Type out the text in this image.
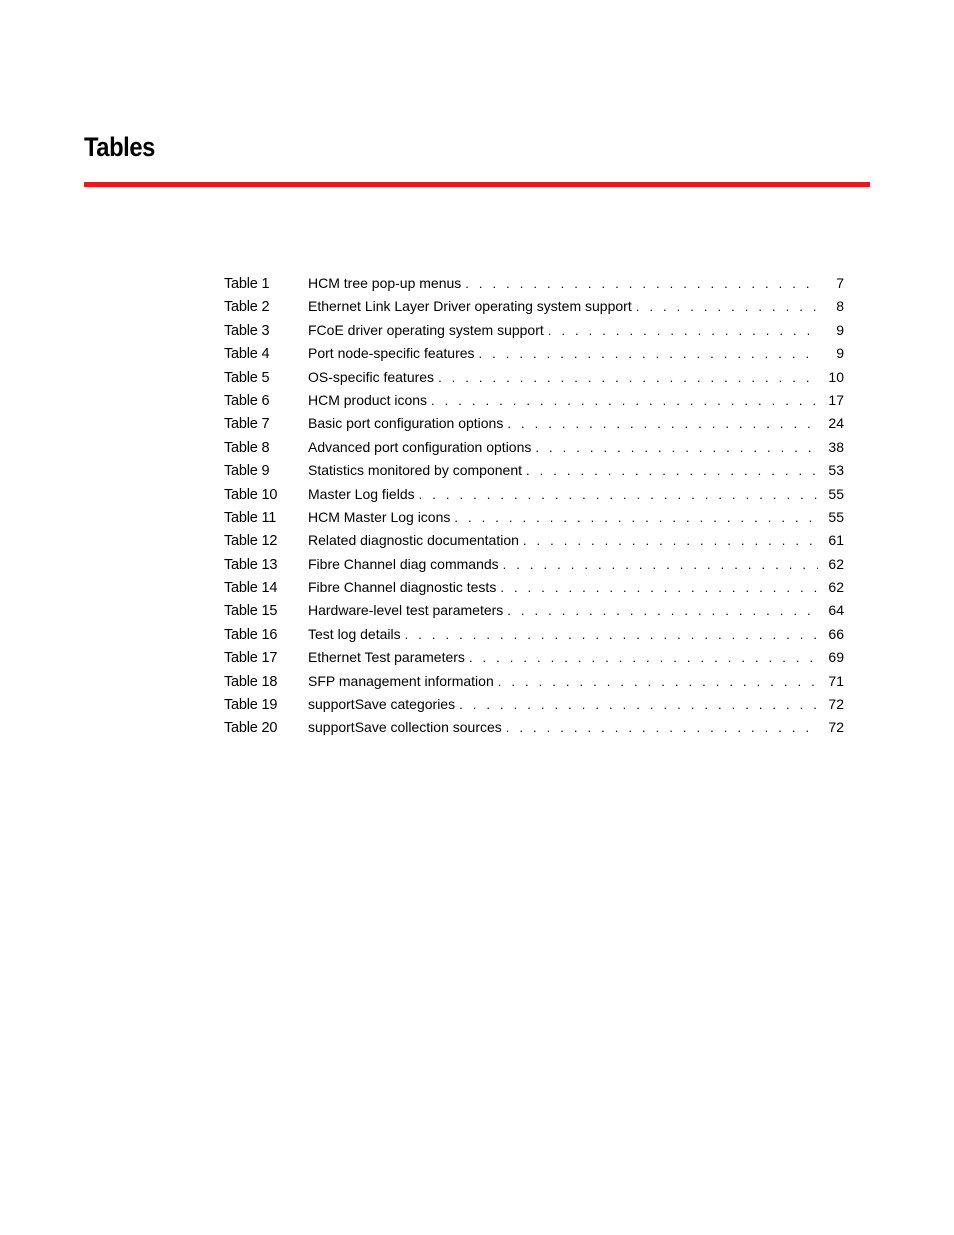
Tables
Table 1	HCM tree pop-up menus . . .	7
Table 2	Ethernet Link Layer Driver operating system support . . .	8
Table 3	FCoE driver operating system support . . .	9
Table 4	Port node-specific features . . .	9
Table 5	OS-specific features . . .	10
Table 6	HCM product icons . . .	17
Table 7	Basic port configuration options . . .	24
Table 8	Advanced port configuration options . . .	38
Table 9	Statistics monitored by component . . .	53
Table 10	Master Log fields . . .	55
Table 11	HCM Master Log icons . . .	55
Table 12	Related diagnostic documentation . . .	61
Table 13	Fibre Channel diag commands . . .	62
Table 14	Fibre Channel diagnostic tests . . .	62
Table 15	Hardware-level test parameters . . .	64
Table 16	Test log details . . .	66
Table 17	Ethernet Test parameters . . .	69
Table 18	SFP management information . . .	71
Table 19	supportSave categories . . .	72
Table 20	supportSave collection sources . . .	72
